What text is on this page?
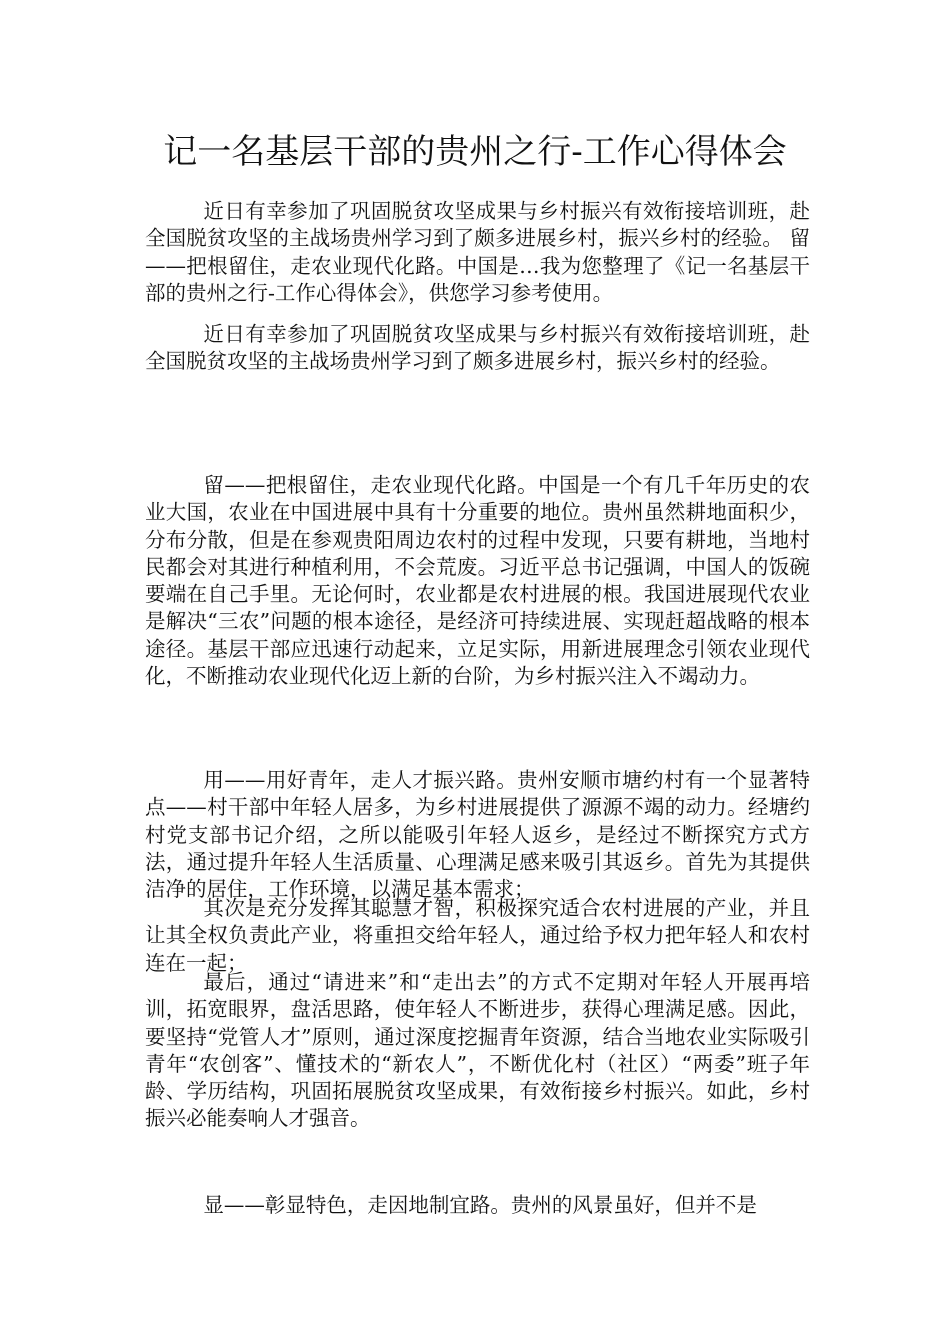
记一名基层干部的贵州之行-工作心得体会

近日有幸参加了巩固脱贫攻坚成果与乡村振兴有效衔接培训班，赴全国脱贫攻坚的主战场贵州学习到了颇多进展乡村，振兴乡村的经验。 留——把根留住，走农业现代化路。中国是…我为您整理了《记一名基层干部的贵州之行-工作心得体会》，供您学习参考使用。

近日有幸参加了巩固脱贫攻坚成果与乡村振兴有效衔接培训班，赴全国脱贫攻坚的主战场贵州学习到了颇多进展乡村，振兴乡村的经验。

留——把根留住，走农业现代化路。中国是一个有几千年历史的农业大国，农业在中国进展中具有十分重要的地位。贵州虽然耕地面积少，分布分散，但是在参观贵阳周边农村的过程中发现，只要有耕地，当地村民都会对其进行种植利用，不会荒废。习近平总书记强调，中国人的饭碗要端在自己手里。无论何时，农业都是农村进展的根。我国进展现代农业是解决“三农”问题的根本途径，是经济可持续进展、实现赶超战略的根本途径。基层干部应迅速行动起来，立足实际，用新进展理念引领农业现代化，不断推动农业现代化迈上新的台阶，为乡村振兴注入不竭动力。

用——用好青年，走人才振兴路。贵州安顺市塘约村有一个显著特点——村干部中年轻人居多，为乡村进展提供了源源不竭的动力。经塘约村党支部书记介绍，之所以能吸引年轻人返乡，是经过不断探究方式方法，通过提升年轻人生活质量、心理满足感来吸引其返乡。首先为其提供洁净的居住，工作环境，以满足基本需求；

其次是充分发挥其聪慧才智，积极探究适合农村进展的产业，并且让其全权负责此产业，将重担交给年轻人，通过给予权力把年轻人和农村连在一起；

最后，通过“请进来”和“走出去”的方式不定期对年轻人开展再培训，拓宽眼界，盘活思路，使年轻人不断进步，获得心理满足感。因此，要坚持“党管人才”原则，通过深度挖掘青年资源，结合当地农业实际吸引青年“农创客”、懂技术的“新农人”，不断优化村（社区）“两委”班子年龄、学历结构，巩固拓展脱贫攻坚成果，有效衔接乡村振兴。如此，乡村振兴必能奏响人才强音。

显——彰显特色，走因地制宜路。贵州的风景虽好，但并不是
